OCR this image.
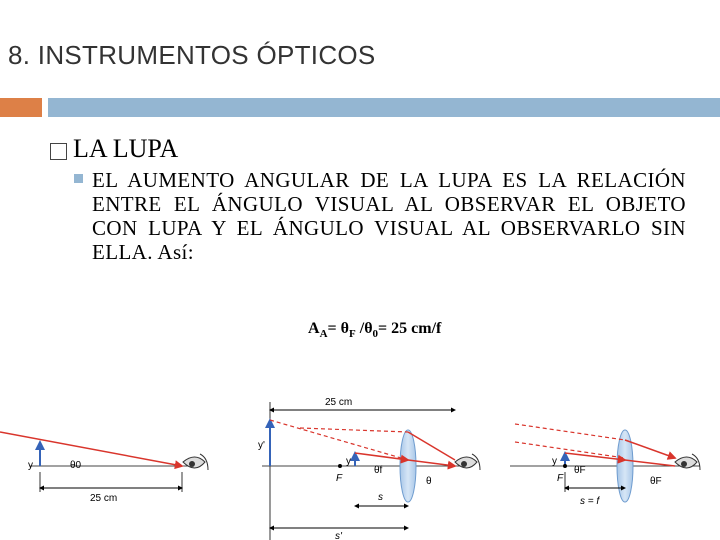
8. INSTRUMENTOS ÓPTICOS
LA LUPA
EL AUMENTO ANGULAR DE LA LUPA ES LA RELACIÓN ENTRE EL ÁNGULO VISUAL AL OBSERVAR EL OBJETO CON LUPA Y EL ÁNGULO VISUAL AL OBSERVARLO SIN ELLA. Así:
$A_A= \theta_F$ $/\theta_0= 25$ cm/f
y	θ0
25 cm
25 cm
y'
y
F
θf
θ
s
s'
y
F
θF
θF
s = f
